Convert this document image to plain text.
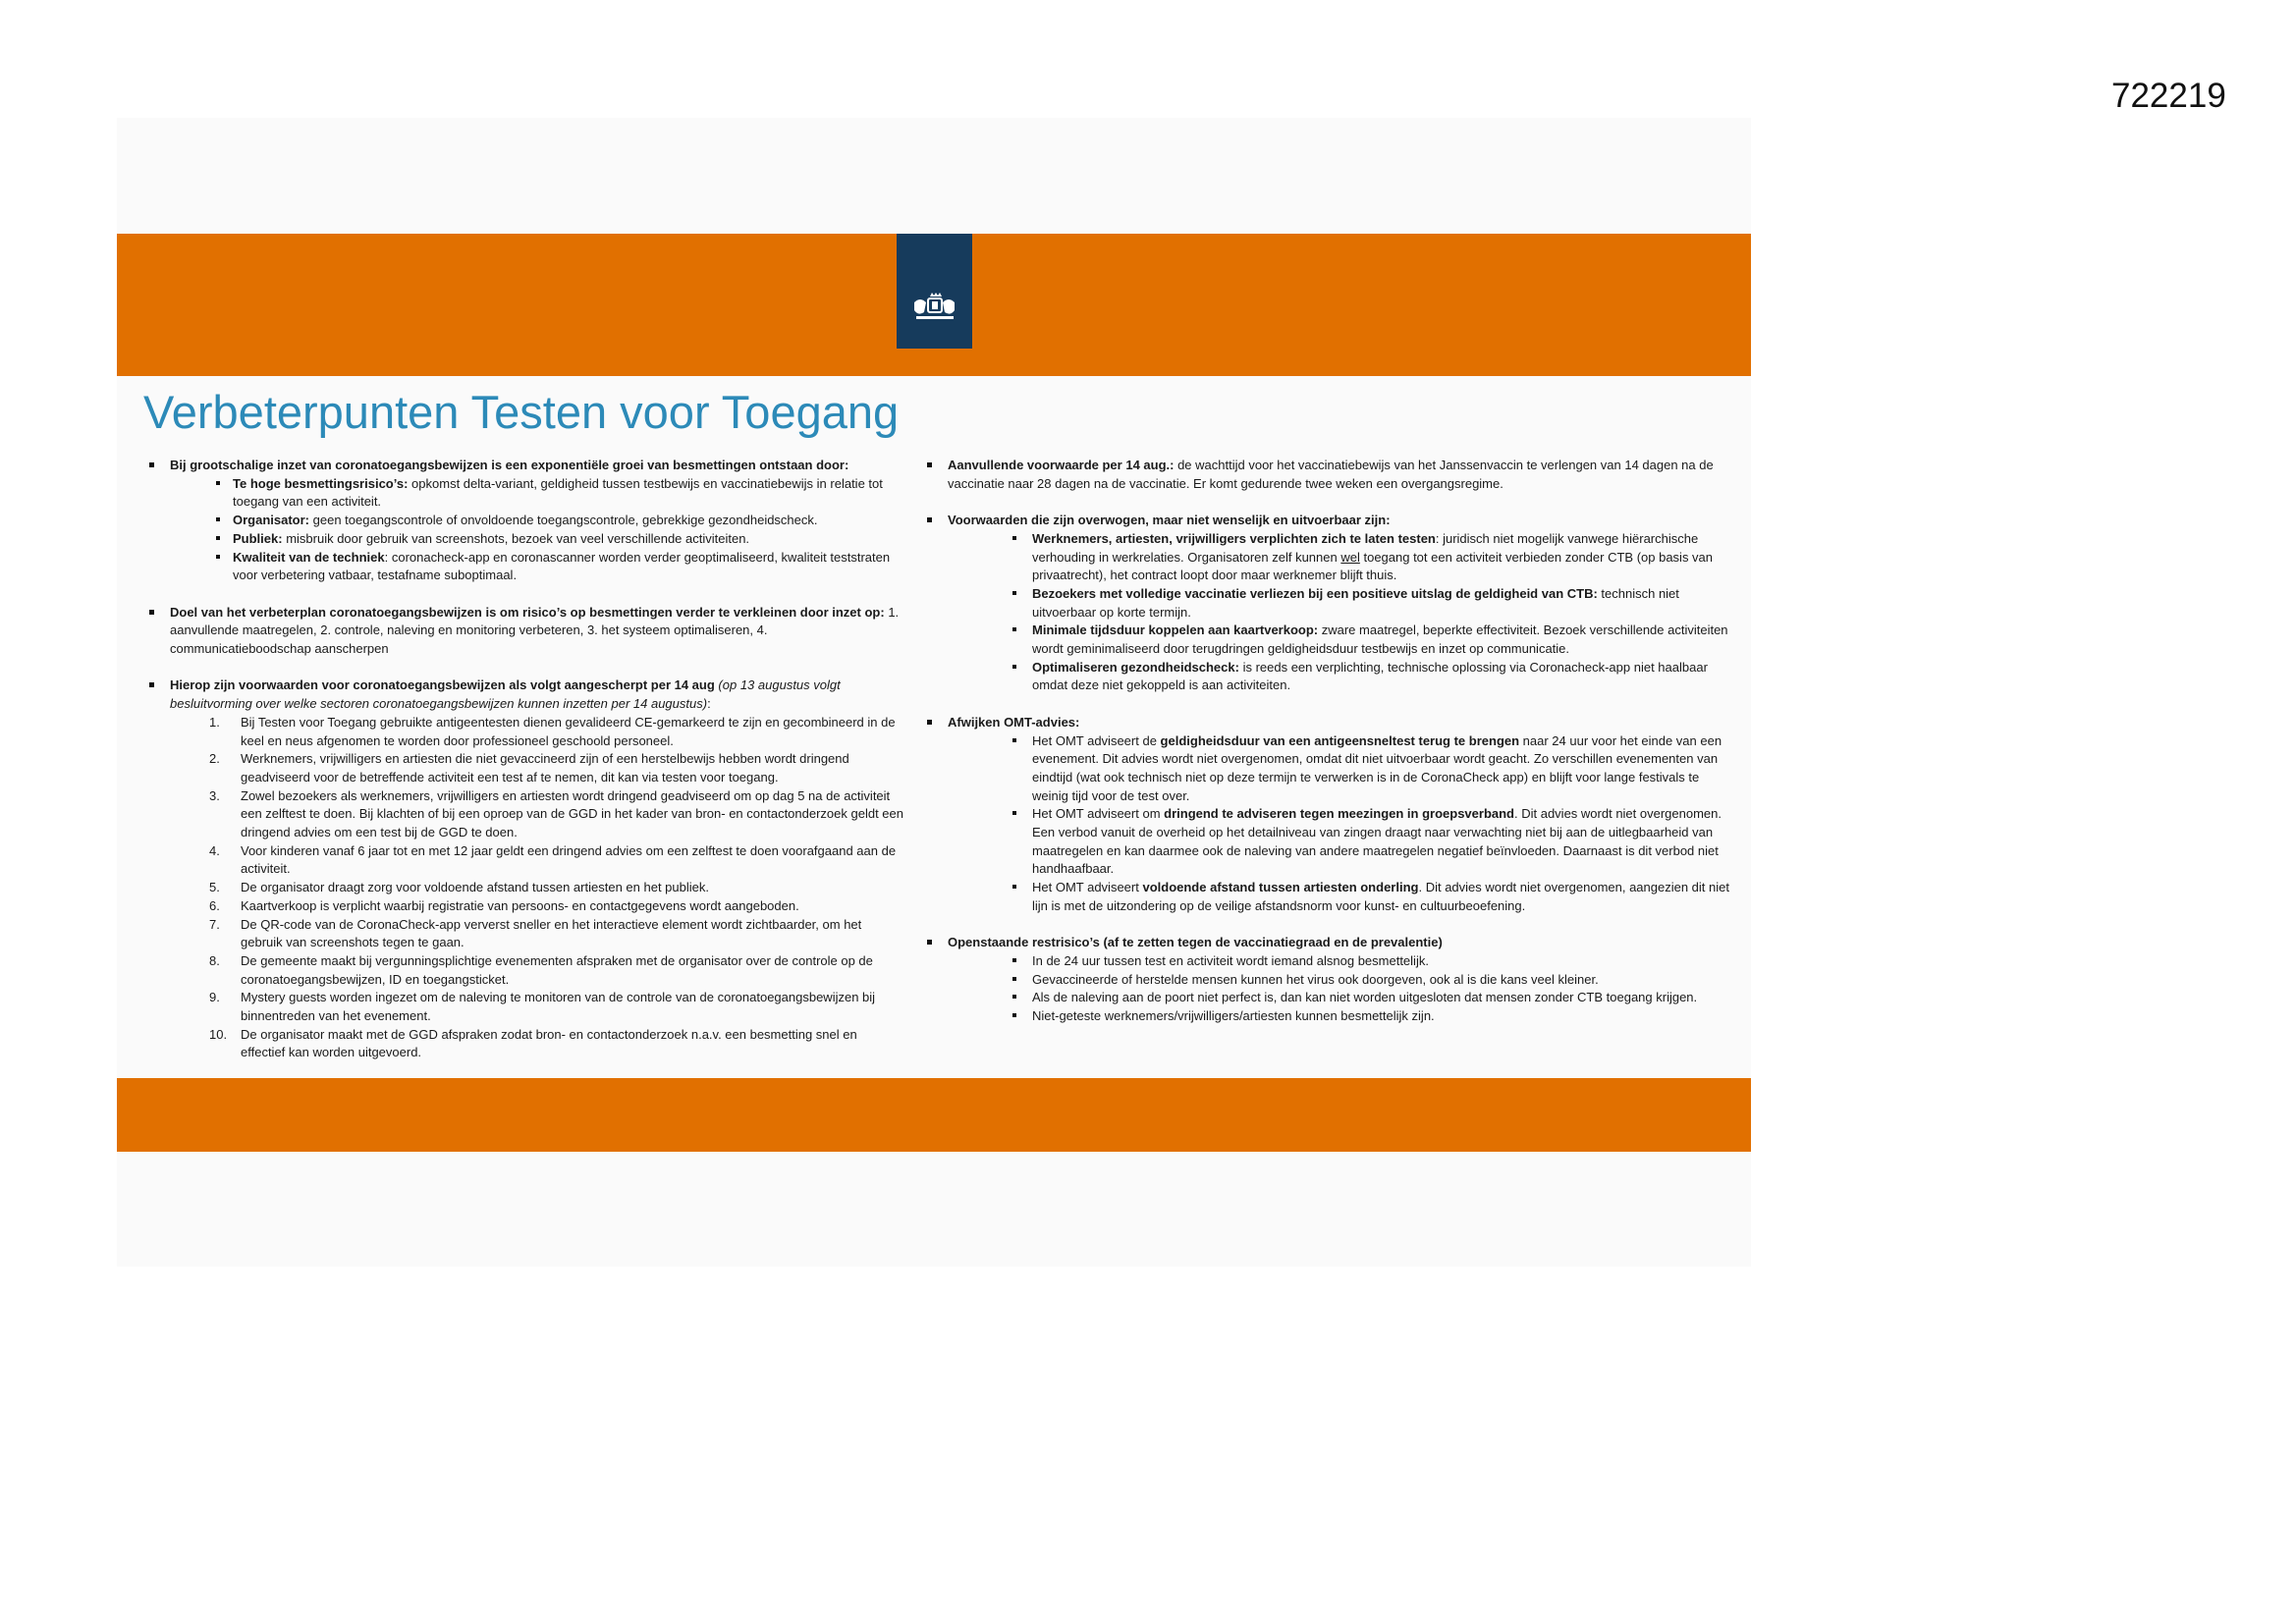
722219
Verbeterpunten Testen voor Toegang
Bij grootschalige inzet van coronatoegangsbewijzen is een exponentiële groei van besmettingen ontstaan door:
Te hoge besmettingsrisico’s: opkomst delta-variant, geldigheid tussen testbewijs en vaccinatiebewijs in relatie tot toegang van een activiteit.
Organisator: geen toegangscontrole of onvoldoende toegangscontrole, gebrekkige gezondheidscheck.
Publiek: misbruik door gebruik van screenshots, bezoek van veel verschillende activiteiten.
Kwaliteit van de techniek: coronacheck-app en coronascanner worden verder geoptimaliseerd, kwaliteit teststraten voor verbetering vatbaar, testafname suboptimaal.
Doel van het verbeterplan coronatoegangsbewijzen is om risico’s op besmettingen verder te verkleinen door inzet op: 1. aanvullende maatregelen, 2. controle, naleving en monitoring verbeteren, 3. het systeem optimaliseren, 4. communicatieboodschap aanscherpen
Hierop zijn voorwaarden voor coronatoegangsbewijzen als volgt aangescherpt per 14 aug (op 13 augustus volgt besluitvorming over welke sectoren coronatoegangsbewijzen kunnen inzetten per 14 augustus):
1. Bij Testen voor Toegang gebruikte antigeentesten dienen gevalideerd CE-gemarkeerd te zijn en gecombineerd in de keel en neus afgenomen te worden door professioneel geschoold personeel.
2. Werknemers, vrijwilligers en artiesten die niet gevaccineerd zijn of een herstelbewijs hebben wordt dringend geadviseerd voor de betreffende activiteit een test af te nemen, dit kan via testen voor toegang.
3. Zowel bezoekers als werknemers, vrijwilligers en artiesten wordt dringend geadviseerd om op dag 5 na de activiteit een zelftest te doen. Bij klachten of bij een oproep van de GGD in het kader van bron- en contactonderzoek geldt een dringend advies om een test bij de GGD te doen.
4. Voor kinderen vanaf 6 jaar tot en met 12 jaar geldt een dringend advies om een zelftest te doen voorafgaand aan de activiteit.
5. De organisator draagt zorg voor voldoende afstand tussen artiesten en het publiek.
6. Kaartverkoop is verplicht waarbij registratie van persoons- en contactgegevens wordt aangeboden.
7. De QR-code van de CoronaCheck-app ververst sneller en het interactieve element wordt zichtbaarder, om het gebruik van screenshots tegen te gaan.
8. De gemeente maakt bij vergunningsplichtige evenementen afspraken met de organisator over de controle op de coronatoegangsbewijzen, ID en toegangsticket.
9. Mystery guests worden ingezet om de naleving te monitoren van de controle van de coronatoegangsbewijzen bij binnentreden van het evenement.
10. De organisator maakt met de GGD afspraken zodat bron- en contactonderzoek n.a.v. een besmetting snel en effectief kan worden uitgevoerd.
Aanvullende voorwaarde per 14 aug.: de wachttijd voor het vaccinatiebewijs van het Janssenvaccin te verlengen van 14 dagen na de vaccinatie naar 28 dagen na de vaccinatie. Er komt gedurende twee weken een overgangsregime.
Voorwaarden die zijn overwogen, maar niet wenselijk en uitvoerbaar zijn:
Werknemers, artiesten, vrijwilligers verplichten zich te laten testen: juridisch niet mogelijk vanwege hiërarchische verhouding in werkrelaties. Organisatoren zelf kunnen wel toegang tot een activiteit verbieden zonder CTB (op basis van privaatrecht), het contract loopt door maar werknemer blijft thuis.
Bezoekers met volledige vaccinatie verliezen bij een positieve uitslag de geldigheid van CTB: technisch niet uitvoerbaar op korte termijn.
Minimale tijdsduur koppelen aan kaartverkoop: zware maatregel, beperkte effectiviteit. Bezoek verschillende activiteiten wordt geminimaliseerd door terugdringen geldigheidsduur testbewijs en inzet op communicatie.
Optimaliseren gezondheidscheck: is reeds een verplichting, technische oplossing via Coronacheck-app niet haalbaar omdat deze niet gekoppeld is aan activiteiten.
Afwijken OMT-advies:
Het OMT adviseert de geldigheidsduur van een antigeensneltest terug te brengen naar 24 uur voor het einde van een evenement. Dit advies wordt niet overgenomen, omdat dit niet uitvoerbaar wordt geacht. Zo verschillen evenementen van eindtijd (wat ook technisch niet op deze termijn te verwerken is in de CoronaCheck app) en blijft voor lange festivals te weinig tijd voor de test over.
Het OMT adviseert om dringend te adviseren tegen meezingen in groepsverband. Dit advies wordt niet overgenomen. Een verbod vanuit de overheid op het detailniveau van zingen draagt naar verwachting niet bij aan de uitlegbaarheid van maatregelen en kan daarmee ook de naleving van andere maatregelen negatief beïnvloeden. Daarnaast is dit verbod niet handhaafbaar.
Het OMT adviseert voldoende afstand tussen artiesten onderling. Dit advies wordt niet overgenomen, aangezien dit niet lijn is met de uitzondering op de veilige afstandsnorm voor kunst- en cultuurbeoefening.
Openstaande restrisico’s (af te zetten tegen de vaccinatiegraad en de prevalentie)
In de 24 uur tussen test en activiteit wordt iemand alsnog besmettelijk.
Gevaccineerde of herstelde mensen kunnen het virus ook doorgeven, ook al is die kans veel kleiner.
Als de naleving aan de poort niet perfect is, dan kan niet worden uitgesloten dat mensen zonder CTB toegang krijgen.
Niet-geteste werknemers/vrijwilligers/artiesten kunnen besmettelijk zijn.
